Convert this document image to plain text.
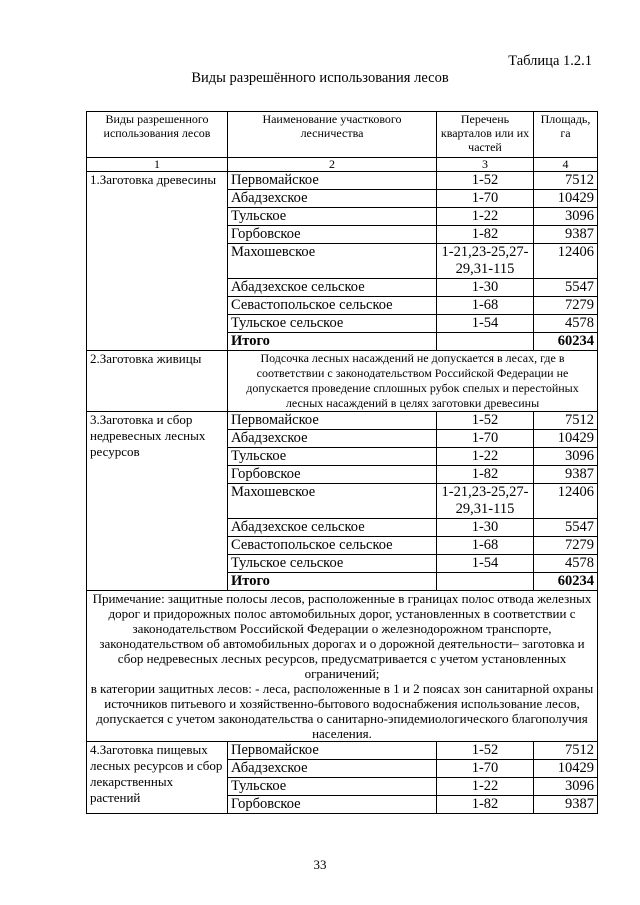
Таблица 1.2.1
Виды разрешённого использования лесов
Виды разрешенного использования лесов	Наименование участкового лесничества	Перечень кварталов или их частей	Площадь, га
1	2	3	4
1.Заготовка древесины	Первомайское	1-52	7512
	Абадзехское	1-70	10429
	Тульское	1-22	3096
	Горбовское	1-82	9387
	Махошевское	1-21,23-25,27-29,31-115	12406
	Абадзехское сельское	1-30	5547
	Севастопольское сельское	1-68	7279
	Тульское сельское	1-54	4578
	Итого		60234
2.Заготовка живицы	Подсочка лесных насаждений не допускается в лесах, где в соответствии с законодательством Российской Федерации не допускается проведение сплошных рубок спелых и перестойных лесных насаждений в целях заготовки древесины		
3.Заготовка и сбор недревесных лесных ресурсов	Первомайское	1-52	7512
	Абадзехское	1-70	10429
	Тульское	1-22	3096
	Горбовское	1-82	9387
	Махошевское	1-21,23-25,27-29,31-115	12406
	Абадзехское сельское	1-30	5547
	Севастопольское сельское	1-68	7279
	Тульское сельское	1-54	4578
	Итого		60234

Примечание: защитные полосы лесов, расположенные в границах полос отвода железных дорог и придорожных полос автомобильных дорог, установленных в соответствии с законодательством Российской Федерации о железнодорожном транспорте, законодательством об автомобильных дорогах и о дорожной деятельности– заготовка и сбор недревесных лесных ресурсов, предусматривается с учетом установленных ограничений;
в категории защитных лесов: - леса, расположенные в 1 и 2 поясах зон санитарной охраны источников питьевого и хозяйственно-бытового водоснабжения использование лесов, допускается с учетом законодательства о санитарно-эпидемиологического благополучия населения.			

4.Заготовка пищевых лесных ресурсов и сбор лекарственных растений	Первомайское	1-52	7512
	Абадзехское	1-70	10429
	Тульское	1-22	3096
	Горбовское	1-82	9387
33
